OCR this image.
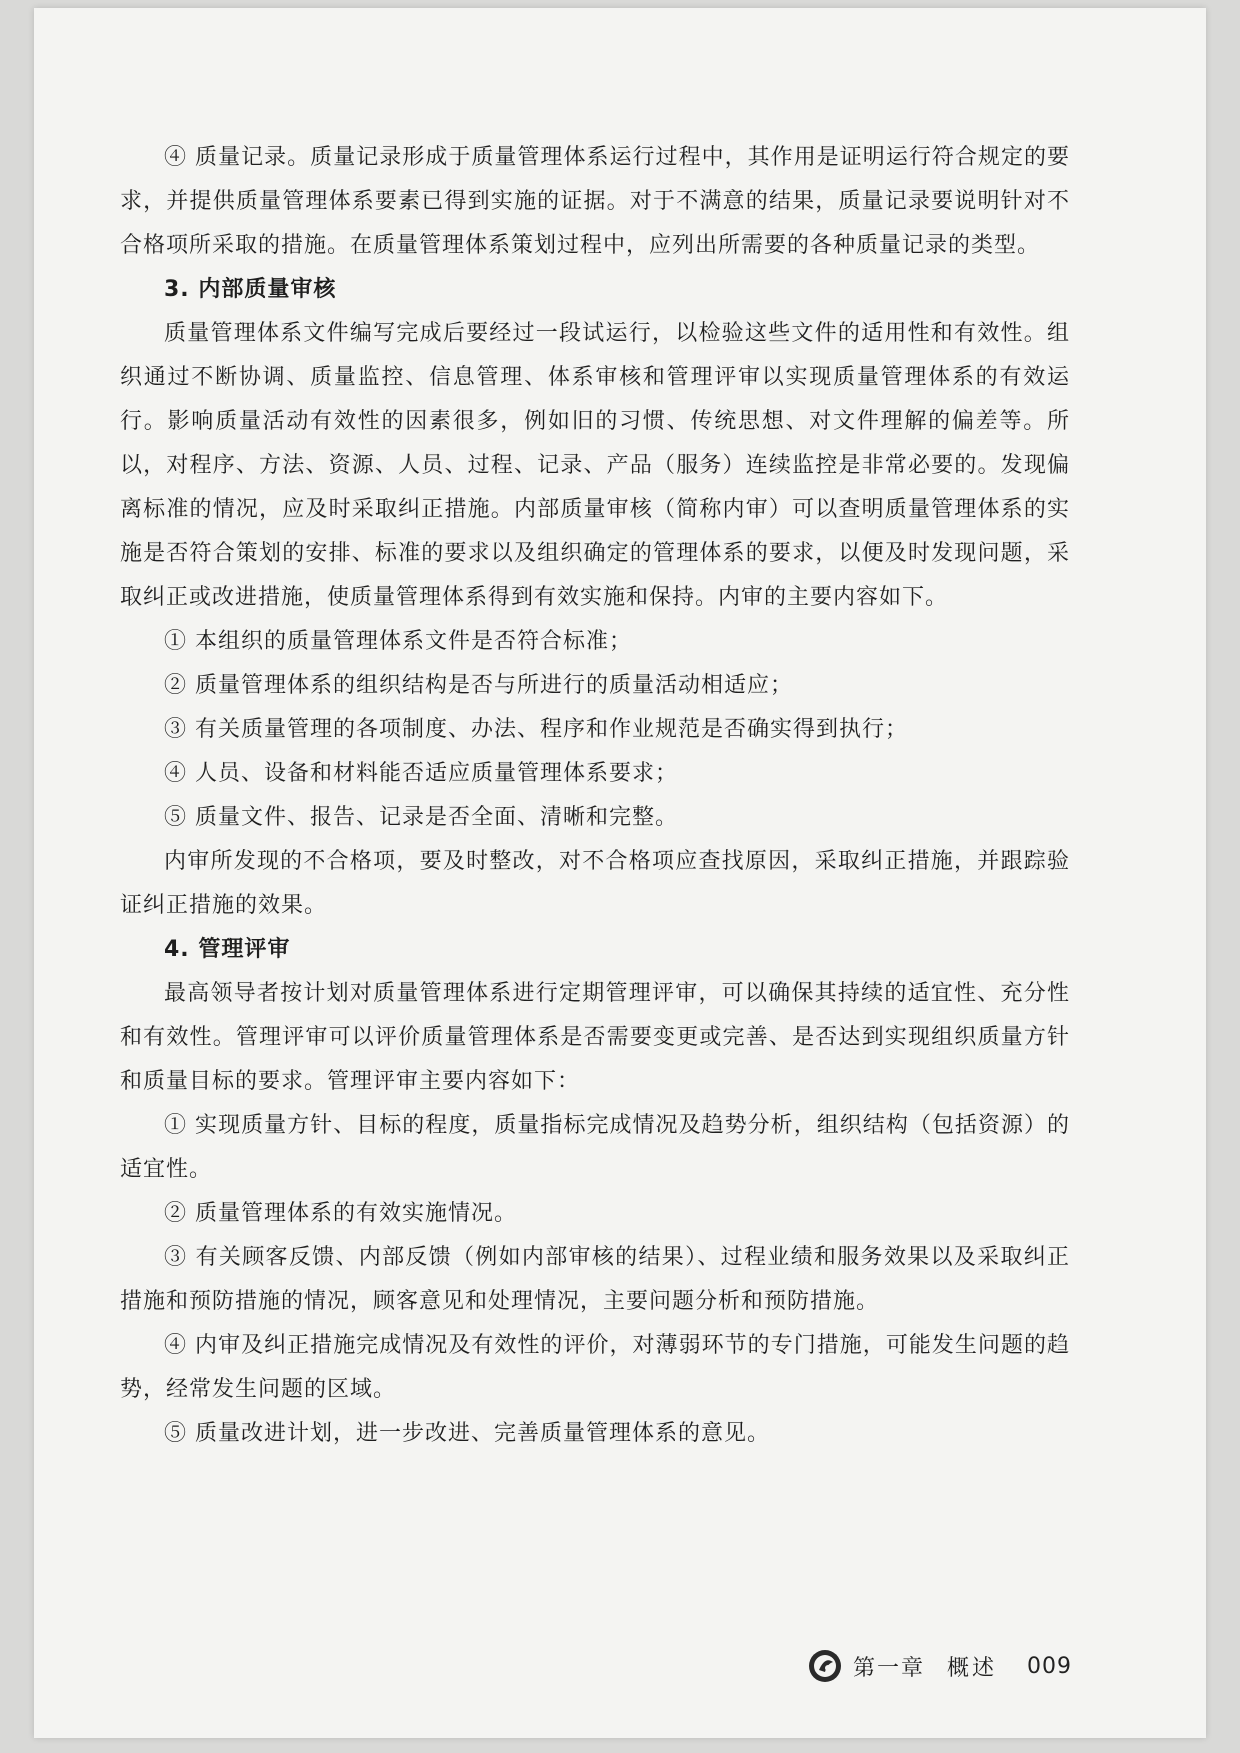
④ 质量记录。质量记录形成于质量管理体系运行过程中，其作用是证明运行符合规定的要求，并提供质量管理体系要素已得到实施的证据。对于不满意的结果，质量记录要说明针对不合格项所采取的措施。在质量管理体系策划过程中，应列出所需要的各种质量记录的类型。

3. 内部质量审核

质量管理体系文件编写完成后要经过一段试运行，以检验这些文件的适用性和有效性。组织通过不断协调、质量监控、信息管理、体系审核和管理评审以实现质量管理体系的有效运行。影响质量活动有效性的因素很多，例如旧的习惯、传统思想、对文件理解的偏差等。所以，对程序、方法、资源、人员、过程、记录、产品（服务）连续监控是非常必要的。发现偏离标准的情况，应及时采取纠正措施。内部质量审核（简称内审）可以查明质量管理体系的实施是否符合策划的安排、标准的要求以及组织确定的管理体系的要求，以便及时发现问题，采取纠正或改进措施，使质量管理体系得到有效实施和保持。内审的主要内容如下。

① 本组织的质量管理体系文件是否符合标准；

② 质量管理体系的组织结构是否与所进行的质量活动相适应；

③ 有关质量管理的各项制度、办法、程序和作业规范是否确实得到执行；

④ 人员、设备和材料能否适应质量管理体系要求；

⑤ 质量文件、报告、记录是否全面、清晰和完整。

内审所发现的不合格项，要及时整改，对不合格项应查找原因，采取纠正措施，并跟踪验证纠正措施的效果。

4. 管理评审

最高领导者按计划对质量管理体系进行定期管理评审，可以确保其持续的适宜性、充分性和有效性。管理评审可以评价质量管理体系是否需要变更或完善、是否达到实现组织质量方针和质量目标的要求。管理评审主要内容如下：

① 实现质量方针、目标的程度，质量指标完成情况及趋势分析，组织结构（包括资源）的适宜性。

② 质量管理体系的有效实施情况。

③ 有关顾客反馈、内部反馈（例如内部审核的结果）、过程业绩和服务效果以及采取纠正措施和预防措施的情况，顾客意见和处理情况，主要问题分析和预防措施。

④ 内审及纠正措施完成情况及有效性的评价，对薄弱环节的专门措施，可能发生问题的趋势，经常发生问题的区域。

⑤ 质量改进计划，进一步改进、完善质量管理体系的意见。

第一章 概述 009
